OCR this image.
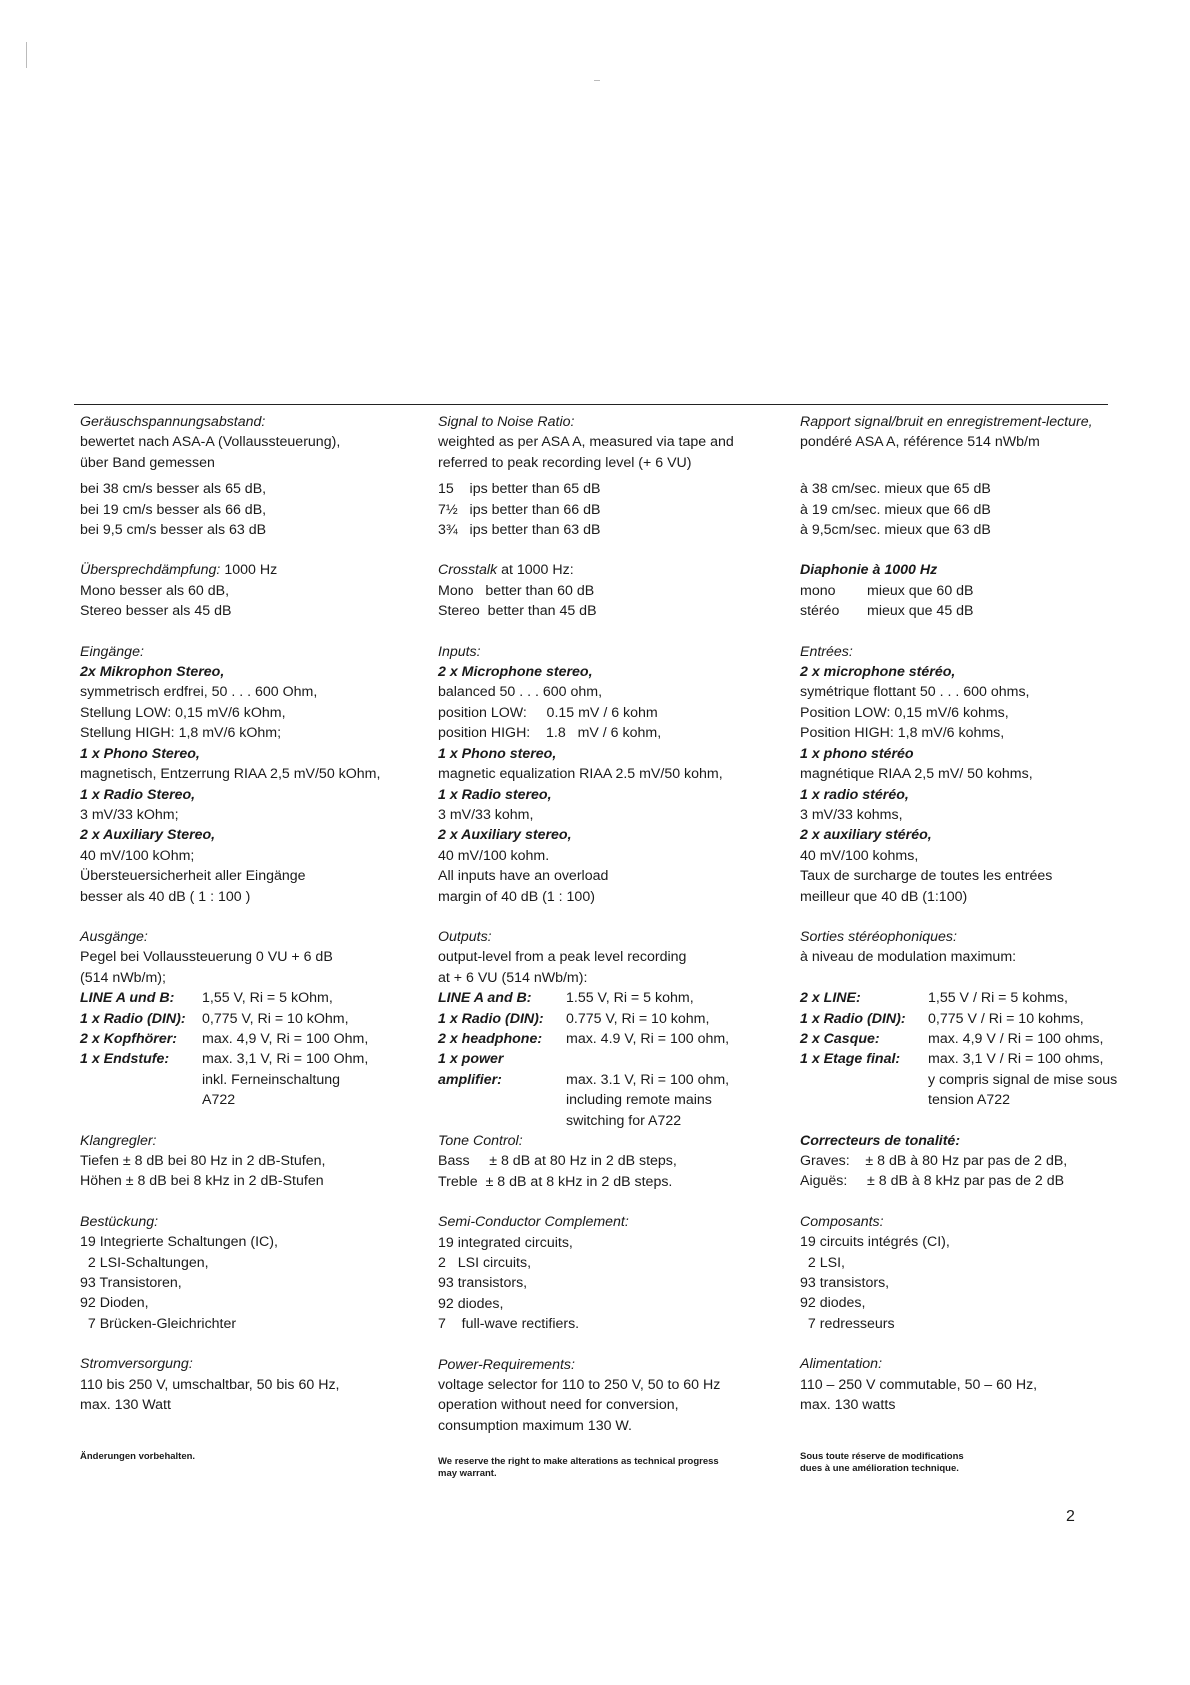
Geräuschspannungsabstand:
bewertet nach ASA-A (Vollaussteuerung),
über Band gemessen
bei 38 cm/s besser als 65 dB,
bei 19 cm/s besser als 66 dB,
bei 9,5 cm/s besser als 63 dB
Übersprechdämpfung: 1000 Hz
Mono besser als 60 dB,
Stereo besser als 45 dB
Eingänge:
2x Mikrophon Stereo,
symmetrisch erdfrei, 50 . . . 600 Ohm,
Stellung LOW: 0,15 mV/6 kOhm,
Stellung HIGH: 1,8 mV/6 kOhm;
1 x Phono Stereo,
magnetisch, Entzerrung RIAA 2,5 mV/50 kOhm,
1 x Radio Stereo,
3 mV/33 kOhm;
2 x Auxiliary Stereo,
40 mV/100 kOhm;
Übersteuersicherheit aller Eingänge
besser als 40 dB ( 1 : 100 )
Ausgänge:
Pegel bei Vollaussteuerung 0 VU + 6 dB
(514 nWb/m);
LINE A und B:	1,55 V, Ri = 5 kOhm,
1 x Radio (DIN):	0,775 V, Ri = 10 kOhm,
2 x Kopfhörer:	max. 4,9 V, Ri = 100 Ohm,
1 x Endstufe:	max. 3,1 V, Ri = 100 Ohm,
inkl. Ferneinschaltung
A722
Klangregler:
Tiefen ± 8 dB bei 80 Hz in 2 dB-Stufen,
Höhen ± 8 dB bei 8 kHz in 2 dB-Stufen
Bestückung:
19 Integrierte Schaltungen (IC),
2 LSI-Schaltungen,
93 Transistoren,
92 Dioden,
7 Brücken-Gleichrichter
Stromversorgung:
110 bis 250 V, umschaltbar, 50 bis 60 Hz,
max. 130 Watt
Änderungen vorbehalten.
Signal to Noise Ratio:
weighted as per ASA A, measured via tape and
referred to peak recording level (+ 6 VU)
15    ips better than 65 dB
7½   ips better than 66 dB
3¾   ips better than 63 dB
Crosstalk at 1000 Hz:
Mono   better than 60 dB
Stereo  better than 45 dB
Inputs:
2 x Microphone stereo,
balanced 50 . . . 600 ohm,
position LOW:     0.15 mV / 6 kohm
position HIGH:    1.8   mV / 6 kohm,
1 x Phono stereo,
magnetic equalization RIAA 2.5 mV/50 kohm,
1 x Radio stereo,
3 mV/33 kohm,
2 x Auxiliary stereo,
40 mV/100 kohm.
All inputs have an overload
margin of 40 dB (1 : 100)
Outputs:
output-level from a peak level recording
at + 6 VU (514 nWb/m):
LINE A and B:	1.55 V, Ri = 5 kohm,
1 x Radio (DIN):	0.775 V, Ri = 10 kohm,
2 x headphone:	max. 4.9 V, Ri = 100 ohm,
1 x power
amplifier:	max. 3.1 V, Ri = 100 ohm,
including remote mains
switching for A722
Tone Control:
Bass     ± 8 dB at 80 Hz in 2 dB steps,
Treble  ± 8 dB at 8 kHz in 2 dB steps.
Semi-Conductor Complement:
19 integrated circuits,
2   LSI circuits,
93 transistors,
92 diodes,
7    full-wave rectifiers.
Power-Requirements:
voltage selector for 110 to 250 V, 50 to 60 Hz
operation without need for conversion,
consumption maximum 130 W.
We reserve the right to make alterations as technical progress
may warrant.
Rapport signal/bruit en enregistrement-lecture,
pondéré ASA A, référence 514 nWb/m

à 38 cm/sec. mieux que 65 dB
à 19 cm/sec. mieux que 66 dB
à 9,5cm/sec. mieux que 63 dB
Diaphonie à 1000 Hz
mono        mieux que 60 dB
stéréo       mieux que 45 dB
Entrées:
2 x microphone stéréo,
symétrique flottant 50 . . . 600 ohms,
Position LOW: 0,15 mV/6 kohms,
Position HIGH: 1,8 mV/6 kohms,
1 x phono stéréo
magnétique RIAA 2,5 mV/ 50 kohms,
1 x radio stéréo,
3 mV/33 kohms,
2 x auxiliary stéréo,
40 mV/100 kohms,
Taux de surcharge de toutes les entrées
meilleur que 40 dB (1:100)
Sorties stéréophoniques:
à niveau de modulation maximum:

2 x LINE:	1,55 V / Ri = 5 kohms,
1 x Radio (DIN):	0,775 V / Ri = 10 kohms,
2 x Casque:	max. 4,9 V / Ri = 100 ohms,
1 x Etage final:	max. 3,1 V / Ri = 100 ohms,
y compris signal de mise sous
tension A722
Correcteurs de tonalité:
Graves:    ± 8 dB à 80 Hz par pas de 2 dB,
Aiguës:     ± 8 dB à 8 kHz par pas de 2 dB
Composants:
19 circuits intégrés (CI),
2 LSI,
93 transistors,
92 diodes,
7 redresseurs
Alimentation:
110 – 250 V commutable, 50 – 60 Hz,
max. 130 watts
Sous toute réserve de modifications
dues à une amélioration technique.
2
